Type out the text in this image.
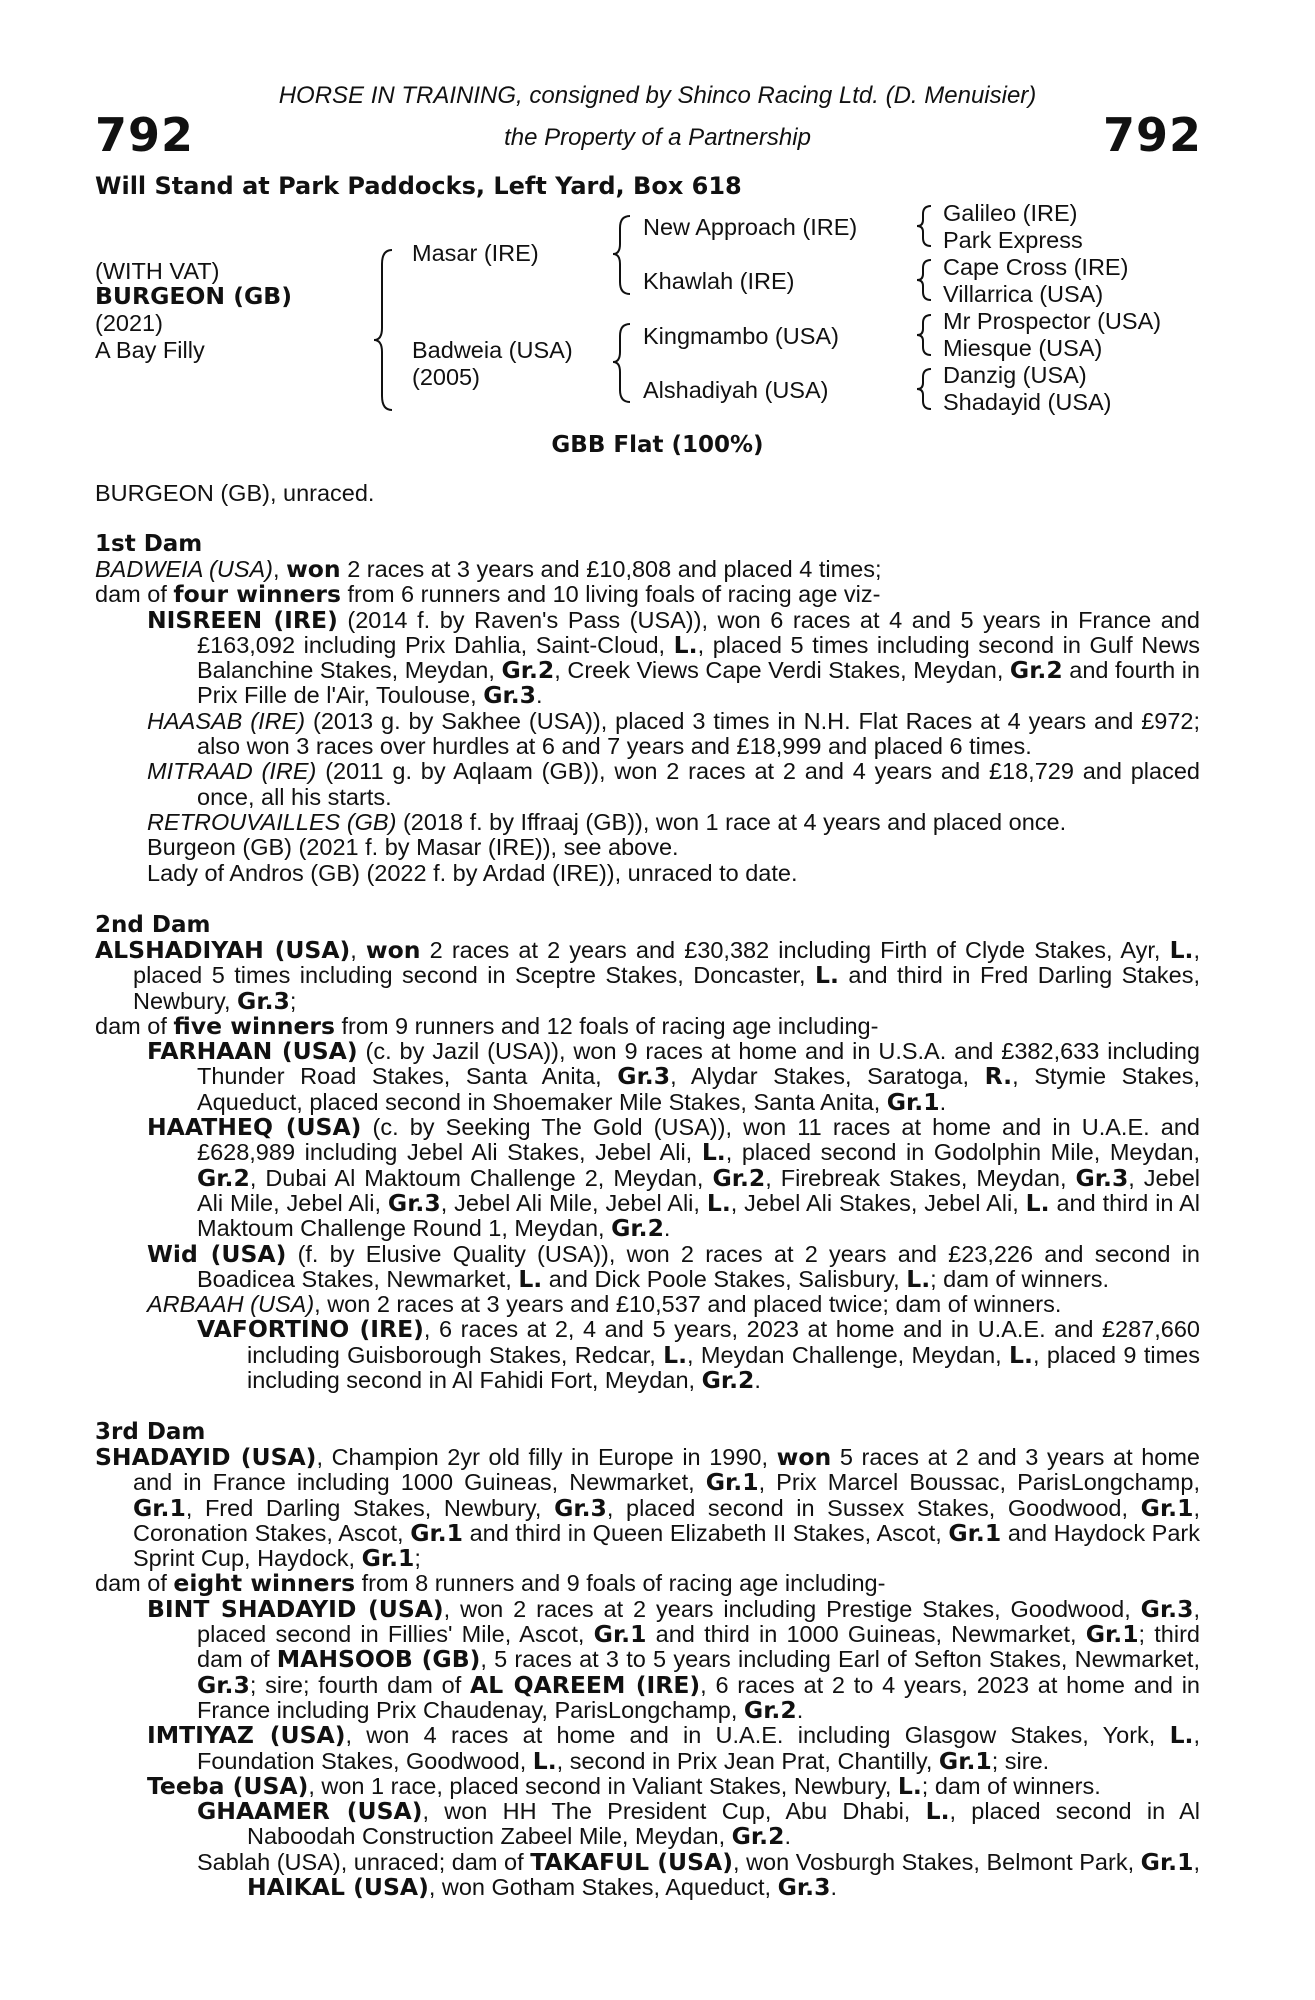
792	792
HORSE IN TRAINING, consigned by Shinco Racing Ltd. (D. Menuisier)
the Property of a Partnership
Will Stand at Park Paddocks, Left Yard, Box 618
(WITH VAT)
BURGEON (GB)
(2021)
A Bay Filly
Masar (IRE)
Badweia (USA)
(2005)
New Approach (IRE)
Khawlah (IRE)
Kingmambo (USA)
Alshadiyah (USA)
Galileo (IRE)
Park Express
Cape Cross (IRE)
Villarrica (USA)
Mr Prospector (USA)
Miesque (USA)
Danzig (USA)
Shadayid (USA)
GBB Flat (100%)
BURGEON (GB), unraced.
1st Dam

BADWEIA (USA), won 2 races at 3 years and £10,808 and placed 4 times;

dam of four winners from 6 runners and 10 living foals of racing age viz-

NISREEN (IRE) (2014 f. by Raven's Pass (USA)), won 6 races at 4 and 5 years in France and £163,092 including Prix Dahlia, Saint-Cloud, L., placed 5 times including second in Gulf News Balanchine Stakes, Meydan, Gr.2, Creek Views Cape Verdi Stakes, Meydan, Gr.2 and fourth in Prix Fille de l'Air, Toulouse, Gr.3.

HAASAB (IRE) (2013 g. by Sakhee (USA)), placed 3 times in N.H. Flat Races at 4 years and £972; also won 3 races over hurdles at 6 and 7 years and £18,999 and placed 6 times.

MITRAAD (IRE) (2011 g. by Aqlaam (GB)), won 2 races at 2 and 4 years and £18,729 and placed once, all his starts.

RETROUVAILLES (GB) (2018 f. by Iffraaj (GB)), won 1 race at 4 years and placed once.

Burgeon (GB) (2021 f. by Masar (IRE)), see above.

Lady of Andros (GB) (2022 f. by Ardad (IRE)), unraced to date.

2nd Dam

ALSHADIYAH (USA), won 2 races at 2 years and £30,382 including Firth of Clyde Stakes, Ayr, L., placed 5 times including second in Sceptre Stakes, Doncaster, L. and third in Fred Darling Stakes, Newbury, Gr.3;

dam of five winners from 9 runners and 12 foals of racing age including-

FARHAAN (USA) (c. by Jazil (USA)), won 9 races at home and in U.S.A. and £382,633 including Thunder Road Stakes, Santa Anita, Gr.3, Alydar Stakes, Saratoga, R., Stymie Stakes, Aqueduct, placed second in Shoemaker Mile Stakes, Santa Anita, Gr.1.

HAATHEQ (USA) (c. by Seeking The Gold (USA)), won 11 races at home and in U.A.E. and £628,989 including Jebel Ali Stakes, Jebel Ali, L., placed second in Godolphin Mile, Meydan, Gr.2, Dubai Al Maktoum Challenge 2, Meydan, Gr.2, Firebreak Stakes, Meydan, Gr.3, Jebel Ali Mile, Jebel Ali, Gr.3, Jebel Ali Mile, Jebel Ali, L., Jebel Ali Stakes, Jebel Ali, L. and third in Al Maktoum Challenge Round 1, Meydan, Gr.2.

Wid (USA) (f. by Elusive Quality (USA)), won 2 races at 2 years and £23,226 and second in Boadicea Stakes, Newmarket, L. and Dick Poole Stakes, Salisbury, L.; dam of winners.

ARBAAH (USA), won 2 races at 3 years and £10,537 and placed twice; dam of winners.

VAFORTINO (IRE), 6 races at 2, 4 and 5 years, 2023 at home and in U.A.E. and £287,660 including Guisborough Stakes, Redcar, L., Meydan Challenge, Meydan, L., placed 9 times including second in Al Fahidi Fort, Meydan, Gr.2.

3rd Dam

SHADAYID (USA), Champion 2yr old filly in Europe in 1990, won 5 races at 2 and 3 years at home and in France including 1000 Guineas, Newmarket, Gr.1, Prix Marcel Boussac, ParisLongchamp, Gr.1, Fred Darling Stakes, Newbury, Gr.3, placed second in Sussex Stakes, Goodwood, Gr.1, Coronation Stakes, Ascot, Gr.1 and third in Queen Elizabeth II Stakes, Ascot, Gr.1 and Haydock Park Sprint Cup, Haydock, Gr.1;

dam of eight winners from 8 runners and 9 foals of racing age including-

BINT SHADAYID (USA), won 2 races at 2 years including Prestige Stakes, Goodwood, Gr.3, placed second in Fillies' Mile, Ascot, Gr.1 and third in 1000 Guineas, Newmarket, Gr.1; third dam of MAHSOOB (GB), 5 races at 3 to 5 years including Earl of Sefton Stakes, Newmarket, Gr.3; sire; fourth dam of AL QAREEM (IRE), 6 races at 2 to 4 years, 2023 at home and in France including Prix Chaudenay, ParisLongchamp, Gr.2.

IMTIYAZ (USA), won 4 races at home and in U.A.E. including Glasgow Stakes, York, L., Foundation Stakes, Goodwood, L., second in Prix Jean Prat, Chantilly, Gr.1; sire.

Teeba (USA), won 1 race, placed second in Valiant Stakes, Newbury, L.; dam of winners.

GHAAMER (USA), won HH The President Cup, Abu Dhabi, L., placed second in Al Naboodah Construction Zabeel Mile, Meydan, Gr.2.

Sablah (USA), unraced; dam of TAKAFUL (USA), won Vosburgh Stakes, Belmont Park, Gr.1, HAIKAL (USA), won Gotham Stakes, Aqueduct, Gr.3.
